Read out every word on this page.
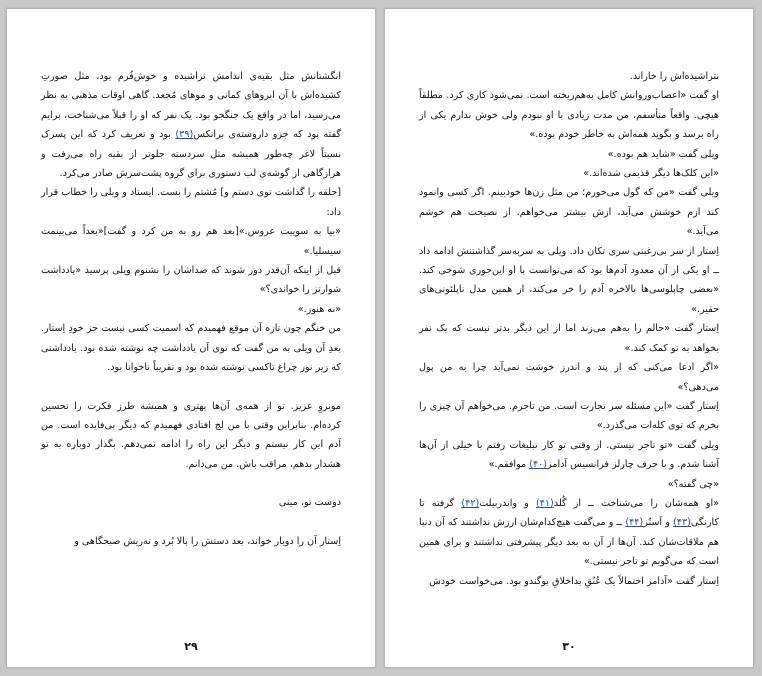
انگشتانش مثل بقیه‌ی اندامش تراشیده و خوش‌فُرم بود، مثل صورتِ کشیده‌اش با آن ابروهای کمانی و موهای مُجعد. گاهی اوقات مذهبی به نظر می‌رسید، اما در واقع یک جنگجو بود. یک نفر که او را قبلاً می‌شناخت، برایم گفته بود که جزو داروسته‌ی برانکس(۳۹) بود و تعریف کرد که این پسرک نسبتاً لاغر چه‌طور همیشه مثل سردسته جلوتر از بقیه راه می‌رفت و هرازگاهی از گوشه‌ی لب دستوری برای گروه پشت‌سرش صادر می‌کرد.

[حلقه را گذاشت توی دستم و] مُشتم را بست. ایستاد و ویلی را خطاب قرار داد:

«بیا به سوییت عروس.»[بعد هم رو به من کرد و گفت]«بعداً می‌بینمت سیسلیا.»

قبل از اینکه آن‌قدر دور شوند که صداشان را نشنوم ویلی پرسید «یادداشت شوارتز را خواندی؟»

«نه هنوز.»

من خنگم چون تازه آن موقع فهمیدم که اسمیت کسی نیست جز خودِ اِستار. بعدِ آن ویلی به من گفت که توی آن یادداشت چه نوشته شده بود. یادداشتی که زیر نور چراغ تاکسی نوشته شده بود و تقریباً ناخوانا بود.

مونروِ عزیز. تو از همه‌ی آن‌ها بهتری و همیشه طرز فکرت را تحسین کرده‌ام. بنابراین وقتی با من لج افتادی فهمیدم که دیگر بی‌فایده است. من آدم این کار نیستم و دیگر این راه را ادامه نمی‌دهم. بگذار دوباره به تو هشدار بدهم، مراقب باش. من می‌دانم.

دوست تو، مینی

اِستار آن را دوبار خواند، بعد دستش را بالا بُرد و ته‌ریش صبحگاهی و

۲۹

نتراشیده‌اش را خاراند.

او گفت «اعصاب‌وروانش کامل به‌هم‌ریخته است. نمی‌شود کاری کرد. مطلقاً هیچی. واقعاً متأسفم، من مدت زیادی با او نبودم ولی خوش ندارم یکی از راه برسد و بگوید همه‌اش به خاطر خودم بوده.»

ویلی گفت «شاید هم بوده.»

«این کلک‌ها دیگر قدیمی شده‌اند.»

ویلی گفت «من که گول می‌خورم؛ من مثل زن‌ها خودبینم. اگر کسی وانمود کند ازم خوشش می‌آید، ازش بیشتر می‌خواهم. از نصیحت هم خوشم می‌آید.»

اِستار از سر بی‌رغبتی سری تکان داد. ویلی به سربه‌سر گذاشتنش ادامه داد ــ او یکی از آن معدود آدم‌ها بود که می‌توانست با او این‌جوری شوخی کند. «بعضی چاپلوسی‌ها بالاخره آدم را خر می‌کند، از همین مدل ناپلئونی‌های حقیر.»

اِستار گفت «حالم را به‌هم می‌زند اما از این دیگر بدتر نیست که یک نفر بخواهد به تو کمک کند.»

«اگر ادعا می‌کنی که از پند و اندرز خوشت نمی‌آید چرا به من پول می‌دهی؟»

اِستار گفت «این مسئله سر تجارت است. من تاجرم. می‌خواهم آن چیزی را بخرم که توی کله‌ات می‌گذرد.»

ویلی گفت «تو تاجر نیستی. از وقتی تو کار تبلیغات رفتم با خیلی از آن‌ها آشنا شدم. و با حرف چارلز فرانسیس آدامز(۴۰) موافقم.»

«چی گفته؟»

«او همه‌شان را می‌شناخت ــ از گُلد(۴۱) و واندربیلت(۴۲) گرفته تا کارنگی(۴۳) و اَستُر(۴۴) ــ و می‌گفت هیچ‌کدام‌شان ارزش نداشتند که آن دنیا هم ملاقات‌شان کند. آن‌ها از آن به بعد دیگر پیشرفتی نداشتند و برای همین است که می‌گویم تو تاجر نیستی.»

اِستار گفت «آدامز احتمالاً یک عُنُقِ بداخلاقِ بوگندو بود. می‌خواست خودش

۳۰
